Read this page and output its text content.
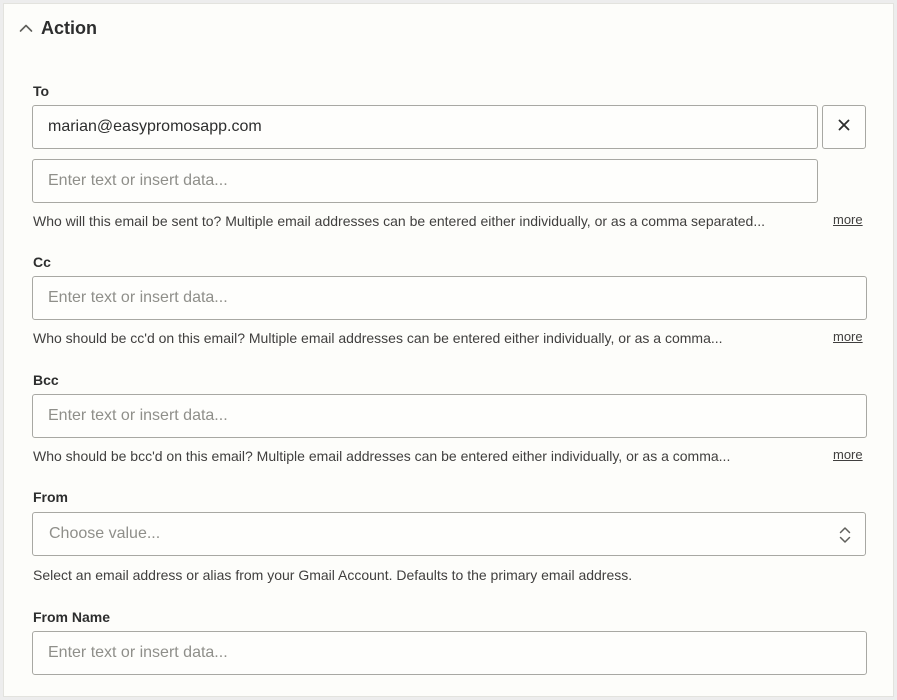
Action
To
marian@easypromosapp.com
Enter text or insert data...
Who will this email be sent to? Multiple email addresses can be entered either individually, or as a comma separated...	more
Cc
Enter text or insert data...
Who should be cc'd on this email? Multiple email addresses can be entered either individually, or as a comma...	more
Bcc
Enter text or insert data...
Who should be bcc'd on this email? Multiple email addresses can be entered either individually, or as a comma...	more
From
Choose value...
Select an email address or alias from your Gmail Account. Defaults to the primary email address.
From Name
Enter text or insert data...
